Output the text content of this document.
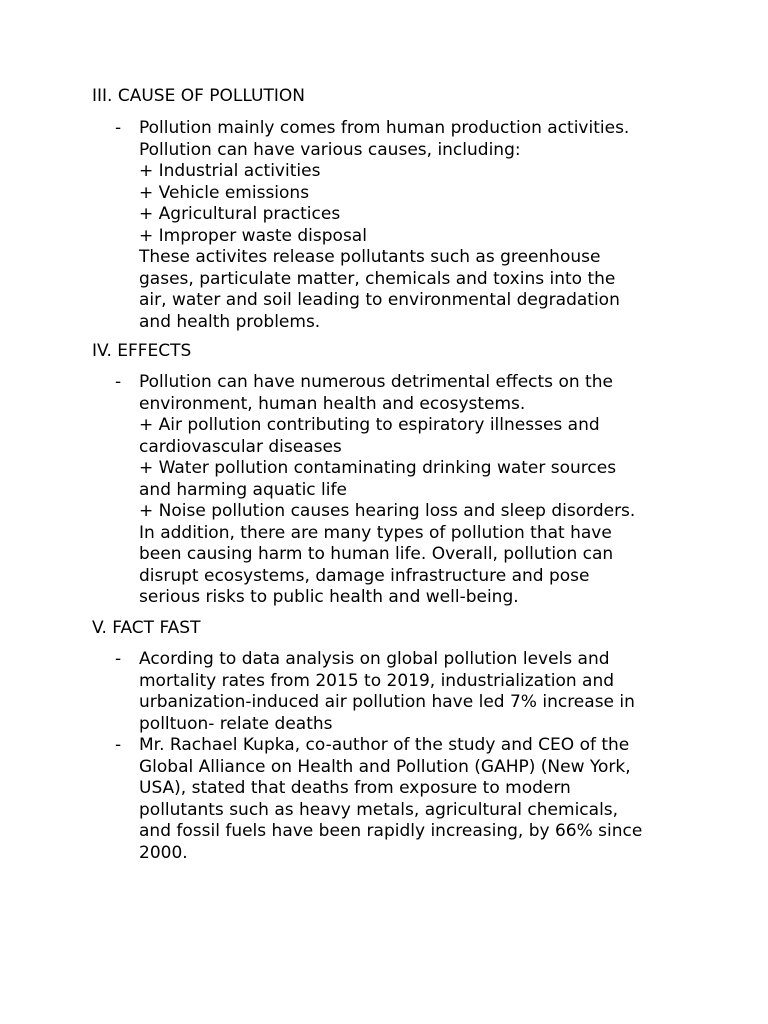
III. CAUSE OF POLLUTION
- Pollution mainly comes from human production activities.
Pollution can have various causes, including:
+ Industrial activities
+ Vehicle emissions
+ Agricultural practices
+ Improper waste disposal
These activites release pollutants such as greenhouse
gases, particulate matter, chemicals and toxins into the
air, water and soil leading to environmental degradation
and health problems.
IV. EFFECTS
- Pollution can have numerous detrimental effects on the
environment, human health and ecosystems.
+ Air pollution contributing to espiratory illnesses and
cardiovascular diseases
+ Water pollution contaminating drinking water sources
and harming aquatic life
+ Noise pollution causes hearing loss and sleep disorders.
In addition, there are many types of pollution that have
been causing harm to human life. Overall, pollution can
disrupt ecosystems, damage infrastructure and pose
serious risks to public health and well-being.
V. FACT FAST
- Acording to data analysis on global pollution levels and
mortality rates from 2015 to 2019, industrialization and
urbanization-induced air pollution have led 7% increase in
polltuon- relate deaths
- Mr. Rachael Kupka, co-author of the study and CEO of the
Global Alliance on Health and Pollution (GAHP) (New York,
USA), stated that deaths from exposure to modern
pollutants such as heavy metals, agricultural chemicals,
and fossil fuels have been rapidly increasing, by 66% since
2000.
